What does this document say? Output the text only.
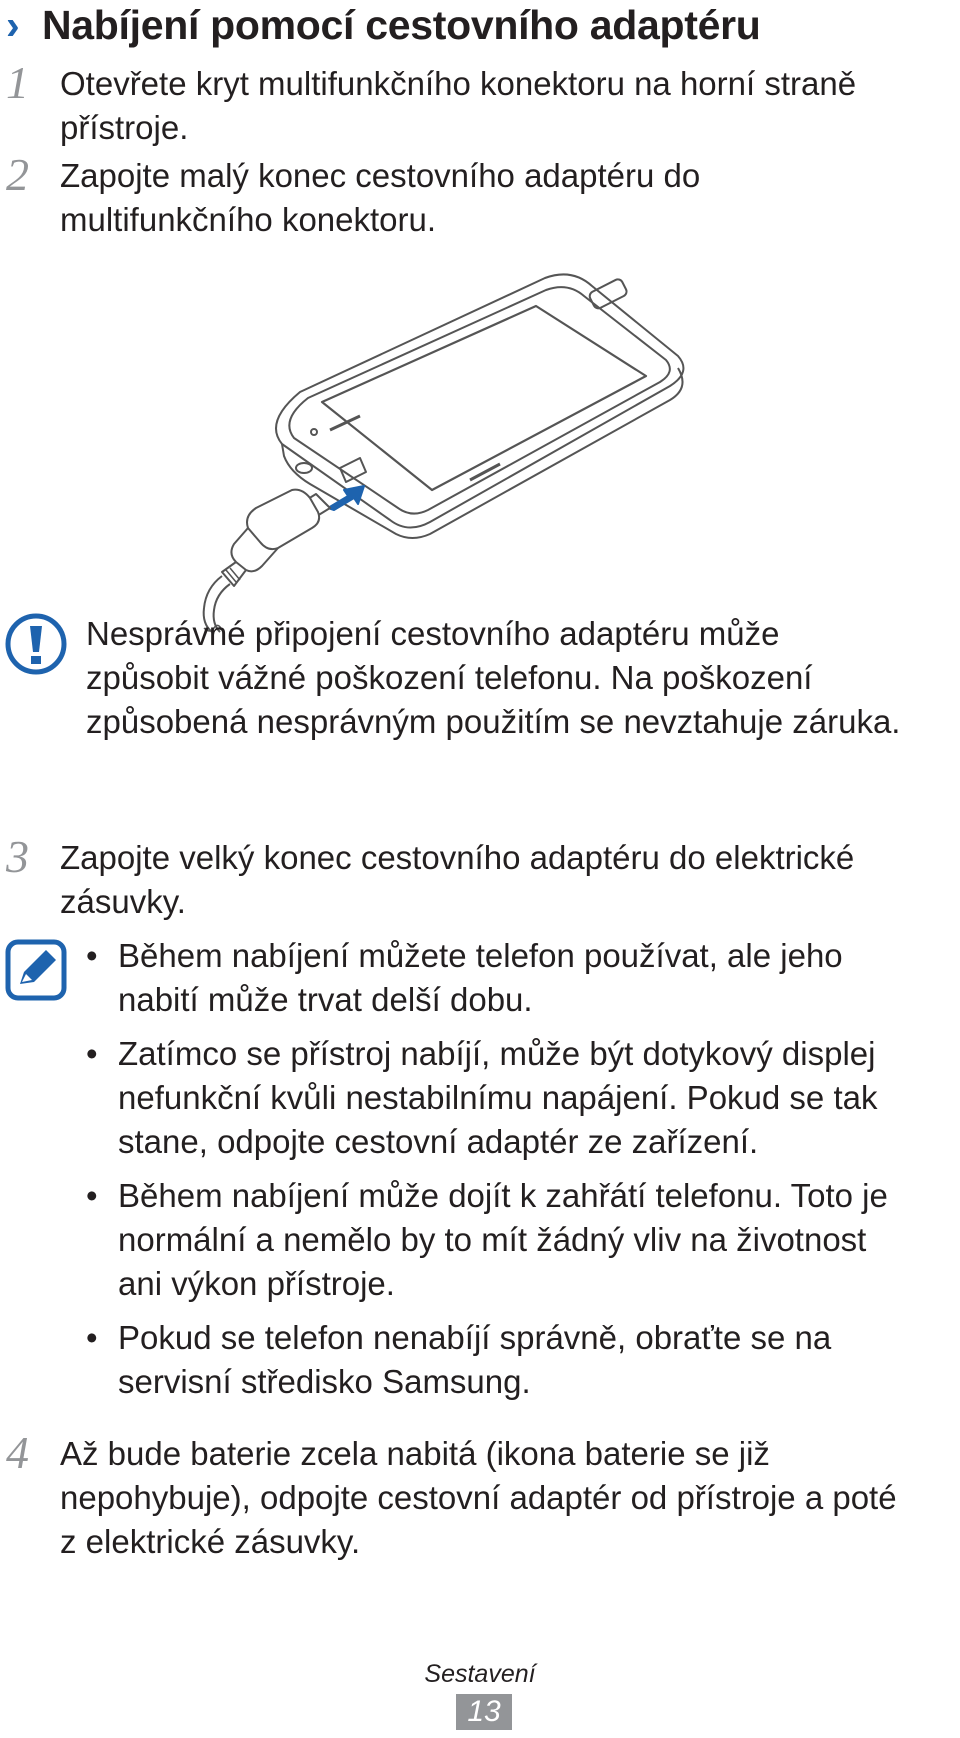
› Nabíjení pomocí cestovního adaptéru
1 Otevřete kryt multifunkčního konektoru na horní straně
přístroje.
2 Zapojte malý konec cestovního adaptéru do
multifunkčního konektoru.
Nesprávné připojení cestovního adaptéru může
způsobit vážné poškození telefonu. Na poškození
způsobená nesprávným použitím se nevztahuje záruka.
3 Zapojte velký konec cestovního adaptéru do elektrické
zásuvky.
• Během nabíjení můžete telefon používat, ale jeho
nabití může trvat delší dobu.
• Zatímco se přístroj nabíjí, může být dotykový displej
nefunkční kvůli nestabilnímu napájení. Pokud se tak
stane, odpojte cestovní adaptér ze zařízení.
• Během nabíjení může dojít k zahřátí telefonu. Toto je
normální a nemělo by to mít žádný vliv na životnost
ani výkon přístroje.
• Pokud se telefon nenabíjí správně, obraťte se na
servisní středisko Samsung.
4 Až bude baterie zcela nabitá (ikona baterie se již
nepohybuje), odpojte cestovní adaptér od přístroje a poté
z elektrické zásuvky.
Sestavení
13
